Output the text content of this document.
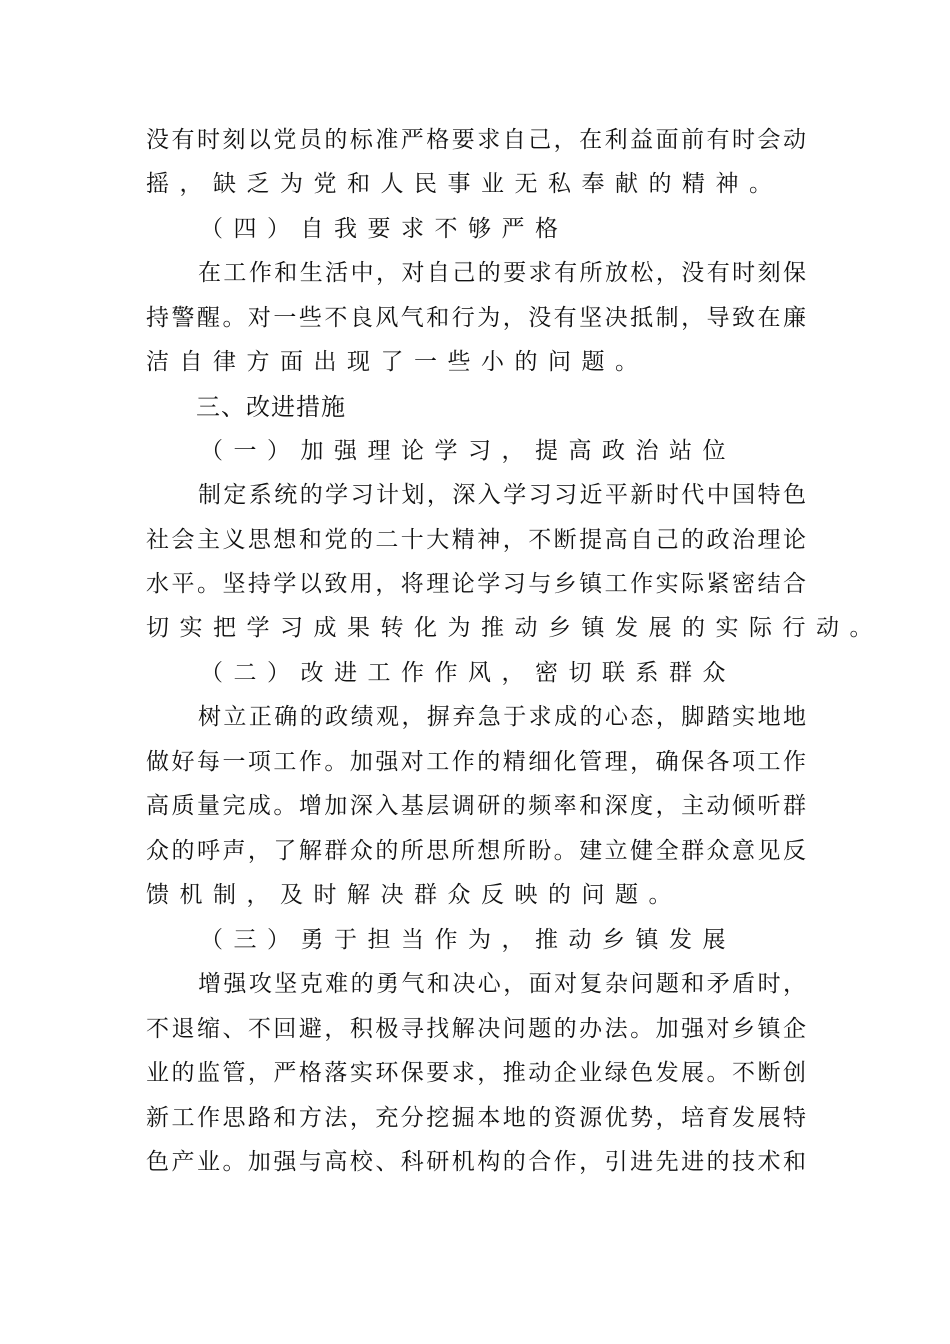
没有时刻以党员的标准严格要求自己，在利益面前有时会动
摇，缺乏为党和人民事业无私奉献的精神。
（四）自我要求不够严格
在工作和生活中，对自己的要求有所放松，没有时刻保
持警醒。对一些不良风气和行为，没有坚决抵制，导致在廉
洁自律方面出现了一些小的问题。
三、改进措施
（一）加强理论学习，提高政治站位
制定系统的学习计划，深入学习习近平新时代中国特色
社会主义思想和党的二十大精神，不断提高自己的政治理论
水平。坚持学以致用，将理论学习与乡镇工作实际紧密结合
切实把学习成果转化为推动乡镇发展的实际行动。
（二）改进工作作风，密切联系群众
树立正确的政绩观，摒弃急于求成的心态，脚踏实地地
做好每一项工作。加强对工作的精细化管理，确保各项工作
高质量完成。增加深入基层调研的频率和深度，主动倾听群
众的呼声，了解群众的所思所想所盼。建立健全群众意见反
馈机制，及时解决群众反映的问题。
（三）勇于担当作为，推动乡镇发展
增强攻坚克难的勇气和决心，面对复杂问题和矛盾时，
不退缩、不回避，积极寻找解决问题的办法。加强对乡镇企
业的监管，严格落实环保要求，推动企业绿色发展。不断创
新工作思路和方法，充分挖掘本地的资源优势，培育发展特
色产业。加强与高校、科研机构的合作，引进先进的技术和
